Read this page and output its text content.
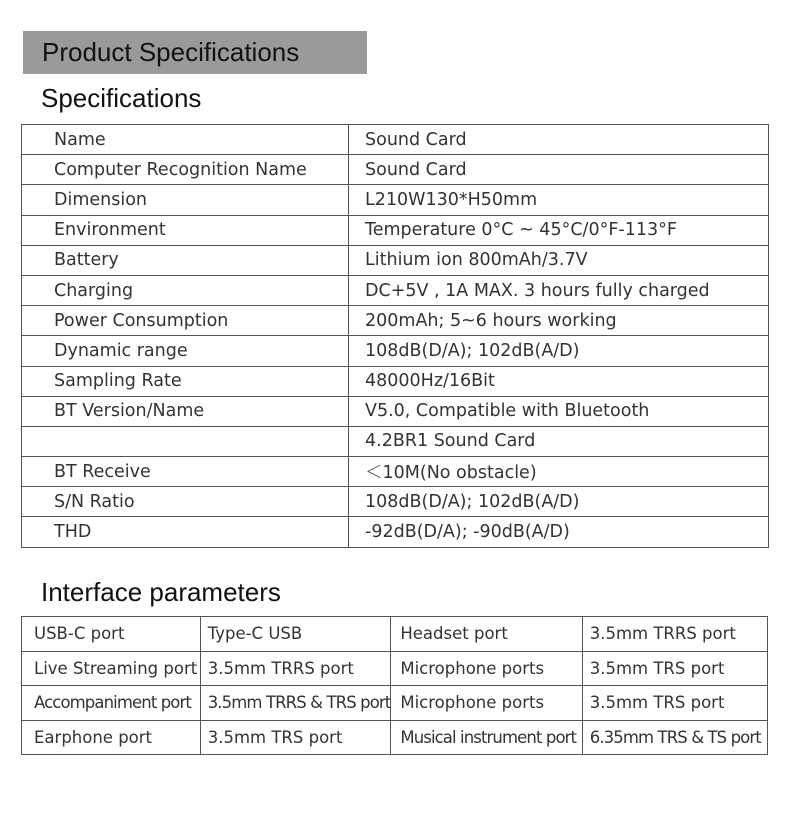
Product Specifications
Specifications
Name	Sound Card
Computer Recognition Name	Sound Card
Dimension	L210W130*H50mm
Environment	Temperature 0°C ~ 45°C/0°F-113°F
Battery	Lithium ion 800mAh/3.7V
Charging	DC+5V , 1A MAX. 3 hours fully charged
Power Consumption	200mAh; 5~6 hours working
Dynamic range	108dB(D/A); 102dB(A/D)
Sampling Rate	48000Hz/16Bit
BT Version/Name	V5.0, Compatible with Bluetooth
	4.2BR1 Sound Card
BT Receive	＜10M(No obstacle)
S/N Ratio	108dB(D/A); 102dB(A/D)
THD	-92dB(D/A); -90dB(A/D)
Interface parameters
USB-C port	Type-C USB	Headset port	3.5mm TRRS port
Live Streaming port	3.5mm TRRS port	Microphone ports	3.5mm TRS port
Accompaniment port	3.5mm TRRS & TRS port	Microphone ports	3.5mm TRS port
Earphone port	3.5mm TRS port	Musical instrument port	6.35mm TRS & TS port
